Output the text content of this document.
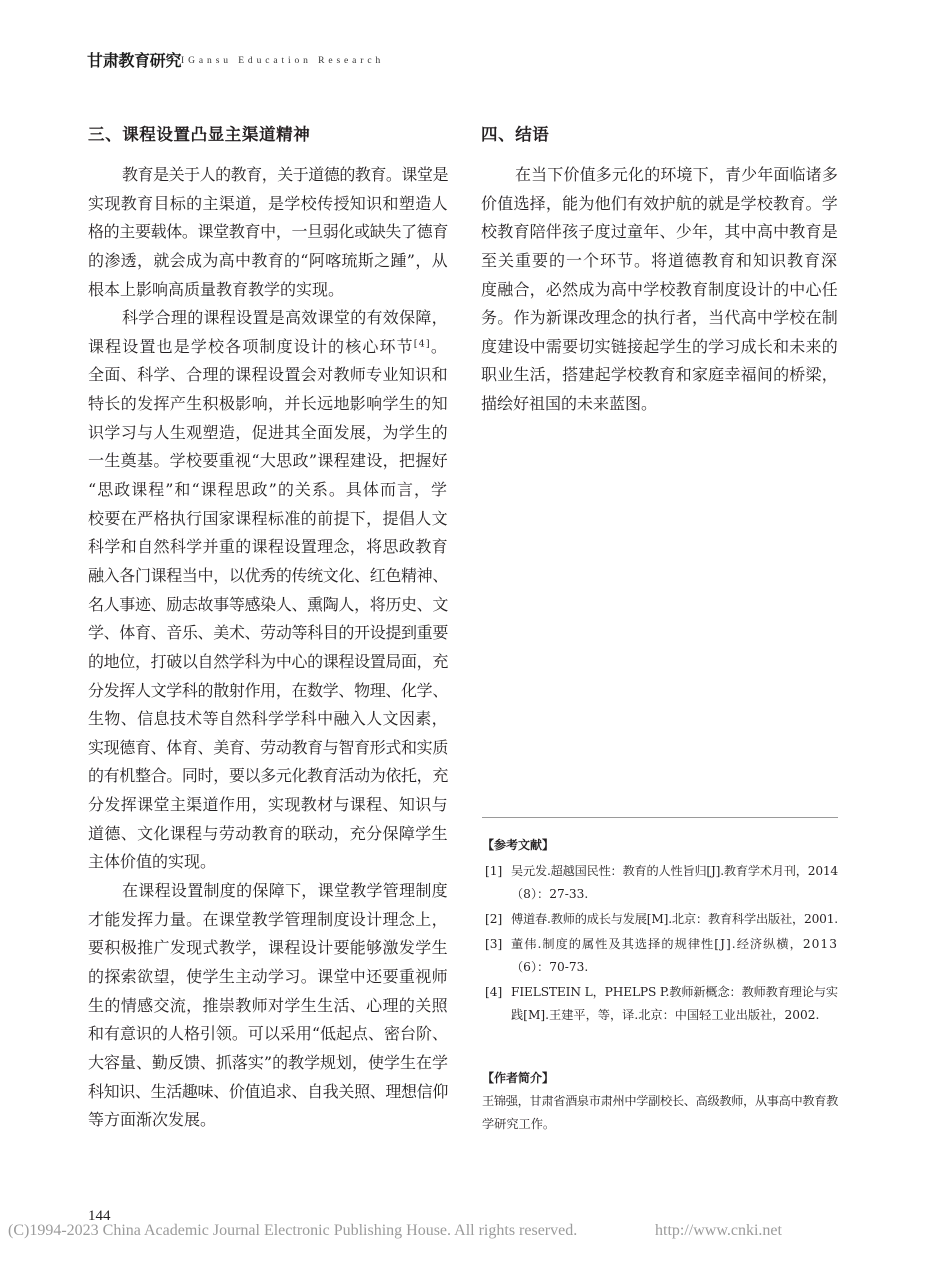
甘肃教育研究 I Gansu Education Research
三、课程设置凸显主渠道精神
教育是关于人的教育，关于道德的教育。课堂是
实现教育目标的主渠道，是学校传授知识和塑造人
格的主要载体。课堂教育中，一旦弱化或缺失了德育
的渗透，就会成为高中教育的“阿喀琉斯之踵”，从
根本上影响高质量教育教学的实现。
科学合理的课程设置是高效课堂的有效保障，
课程设置也是学校各项制度设计的核心环节[4]。
全面、科学、合理的课程设置会对教师专业知识和
特长的发挥产生积极影响，并长远地影响学生的知
识学习与人生观塑造，促进其全面发展，为学生的
一生奠基。学校要重视“大思政”课程建设，把握好
“思政课程”和“课程思政”的关系。具体而言，学
校要在严格执行国家课程标准的前提下，提倡人文
科学和自然科学并重的课程设置理念，将思政教育
融入各门课程当中，以优秀的传统文化、红色精神、
名人事迹、励志故事等感染人、熏陶人，将历史、文
学、体育、音乐、美术、劳动等科目的开设提到重要
的地位，打破以自然学科为中心的课程设置局面，充
分发挥人文学科的散射作用，在数学、物理、化学、
生物、信息技术等自然科学学科中融入人文因素，
实现德育、体育、美育、劳动教育与智育形式和实质
的有机整合。同时，要以多元化教育活动为依托，充
分发挥课堂主渠道作用，实现教材与课程、知识与
道德、文化课程与劳动教育的联动，充分保障学生
主体价值的实现。
在课程设置制度的保障下，课堂教学管理制度
才能发挥力量。在课堂教学管理制度设计理念上，
要积极推广发现式教学，课程设计要能够激发学生
的探索欲望，使学生主动学习。课堂中还要重视师
生的情感交流，推崇教师对学生生活、心理的关照
和有意识的人格引领。可以采用“低起点、密台阶、
大容量、勤反馈、抓落实”的教学规划，使学生在学
科知识、生活趣味、价值追求、自我关照、理想信仰
等方面渐次发展。
四、结语
在当下价值多元化的环境下，青少年面临诸多
价值选择，能为他们有效护航的就是学校教育。学
校教育陪伴孩子度过童年、少年，其中高中教育是
至关重要的一个环节。将道德教育和知识教育深
度融合，必然成为高中学校教育制度设计的中心任
务。作为新课改理念的执行者，当代高中学校在制
度建设中需要切实链接起学生的学习成长和未来的
职业生活，搭建起学校教育和家庭幸福间的桥梁，
描绘好祖国的未来蓝图。
【参考文献】
[1] 吴元发.超越国民性：教育的人性旨归[J].教育学术月刊，2014
（8）：27-33.
[2] 傅道春.教师的成长与发展[M].北京：教育科学出版社，2001.
[3] 董伟.制度的属性及其选择的规律性[J].经济纵横，2013
（6）：70-73.
[4] FIELSTEIN L，PHELPS P.教师新概念：教师教育理论与实
践[M].王建平，等，译.北京：中国轻工业出版社，2002.
【作者简介】
王锦强，甘肃省酒泉市肃州中学副校长、高级教师，从事高中教育教
学研究工作。
144
(C)1994-2023 China Academic Journal Electronic Publishing House. All rights reserved.	http://www.cnki.net
